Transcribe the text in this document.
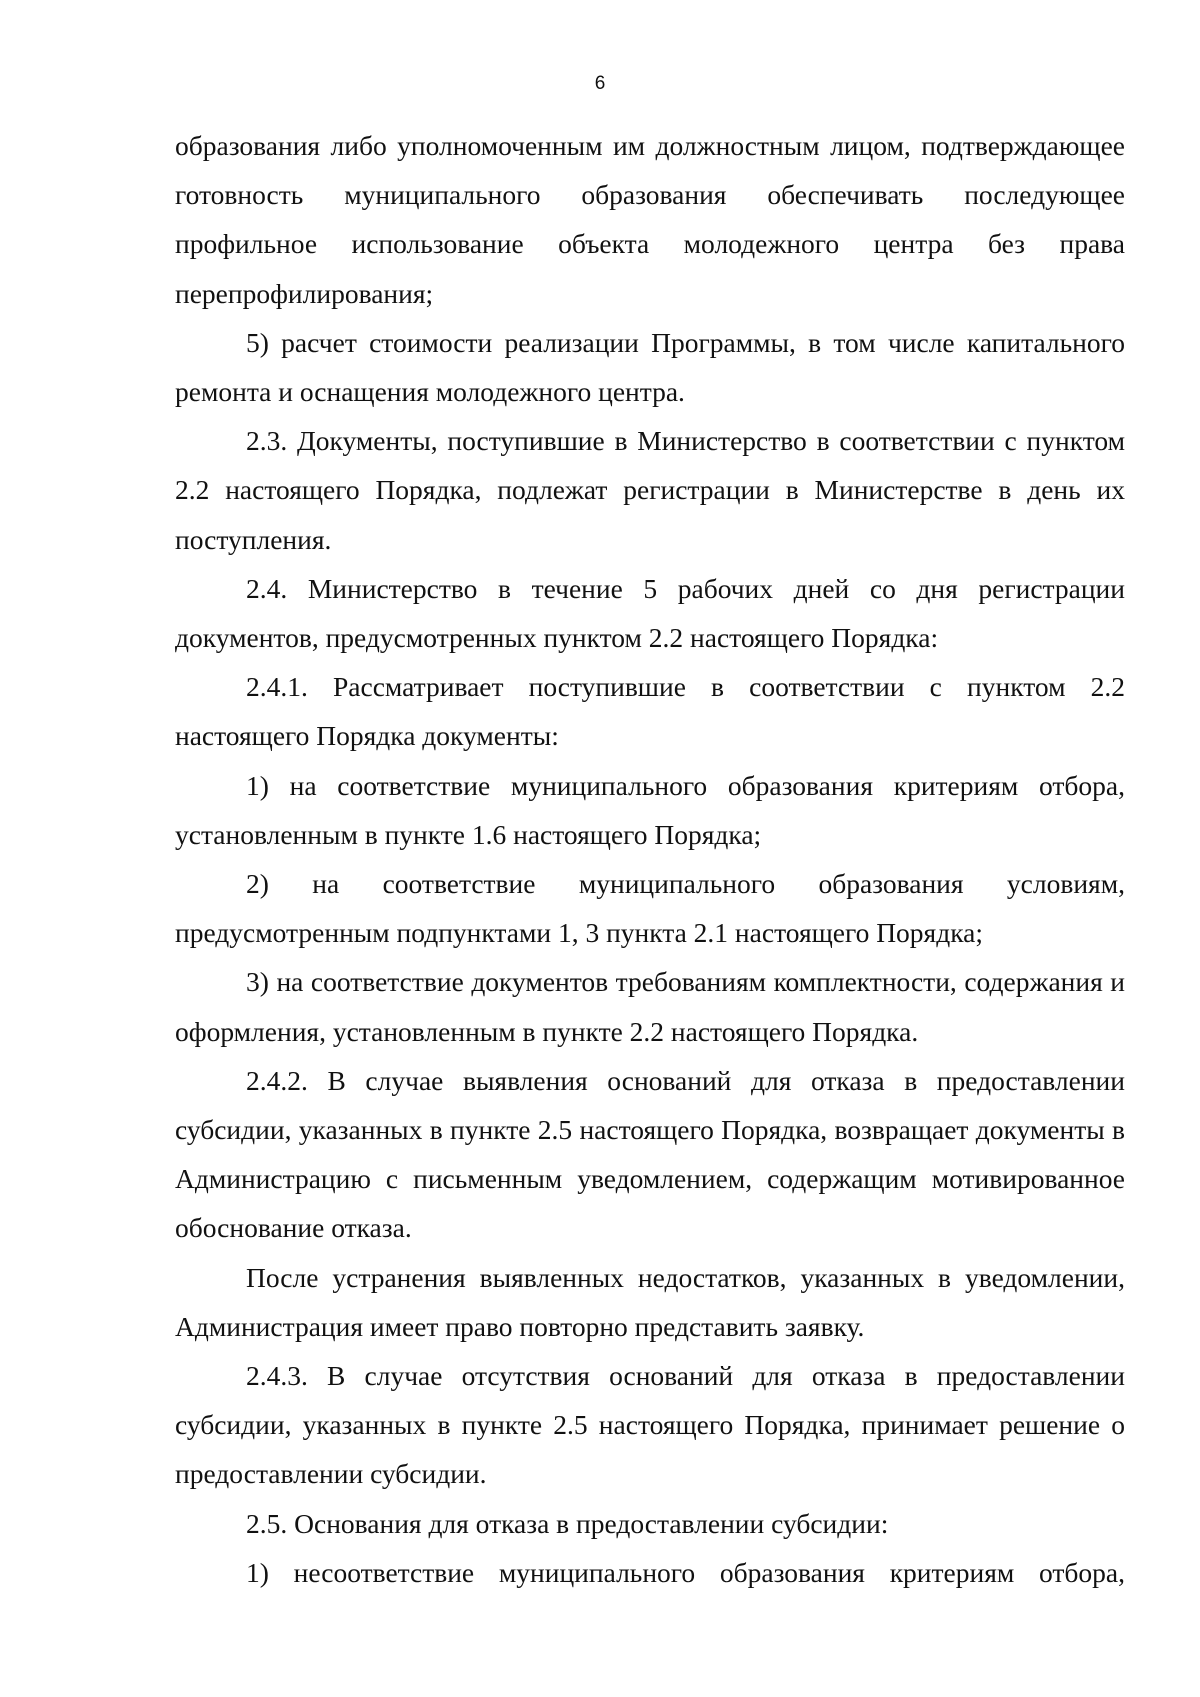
6

образования либо уполномоченным им должностным лицом, подтверждающее готовность муниципального образования обеспечивать последующее профильное использование объекта молодежного центра без права перепрофилирования;

5) расчет стоимости реализации Программы, в том числе капитального ремонта и оснащения молодежного центра.

2.3. Документы, поступившие в Министерство в соответствии с пунктом 2.2 настоящего Порядка, подлежат регистрации в Министерстве в день их поступления.

2.4. Министерство в течение 5 рабочих дней со дня регистрации документов, предусмотренных пунктом 2.2 настоящего Порядка:

2.4.1. Рассматривает поступившие в соответствии с пунктом 2.2 настоящего Порядка документы:

1) на соответствие муниципального образования критериям отбора, установленным в пункте 1.6 настоящего Порядка;

2) на соответствие муниципального образования условиям, предусмотренным подпунктами 1, 3 пункта 2.1 настоящего Порядка;

3) на соответствие документов требованиям комплектности, содержания и оформления, установленным в пункте 2.2 настоящего Порядка.

2.4.2. В случае выявления оснований для отказа в предоставлении субсидии, указанных в пункте 2.5 настоящего Порядка, возвращает документы в Администрацию с письменным уведомлением, содержащим мотивированное обоснование отказа.

После устранения выявленных недостатков, указанных в уведомлении, Администрация имеет право повторно представить заявку.

2.4.3. В случае отсутствия оснований для отказа в предоставлении субсидии, указанных в пункте 2.5 настоящего Порядка, принимает решение о предоставлении субсидии.

2.5. Основания для отказа в предоставлении субсидии:

1) несоответствие муниципального образования критериям отбора,
